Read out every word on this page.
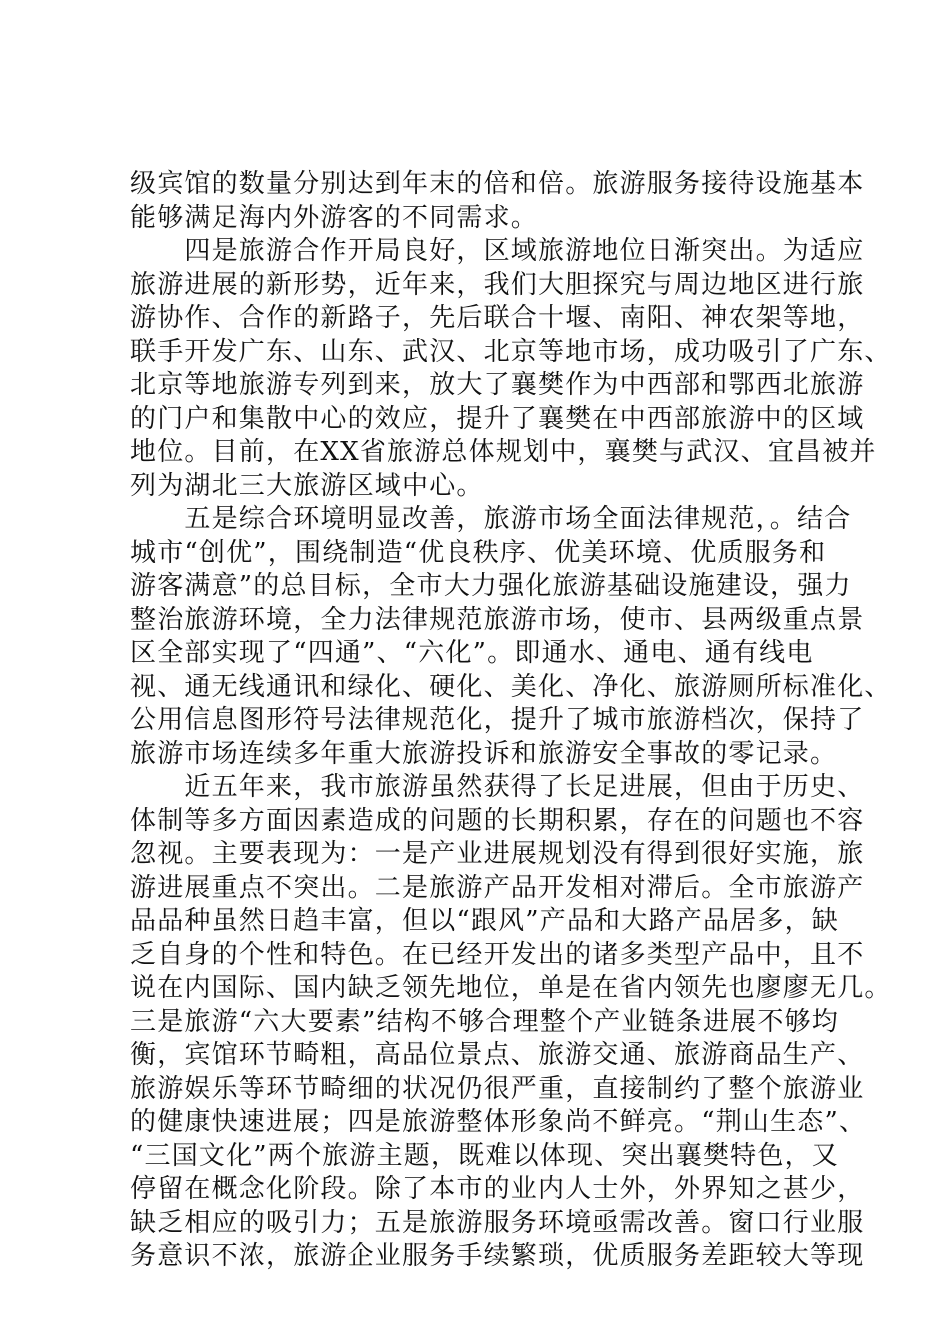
级宾馆的数量分别达到年末的倍和倍。旅游服务接待设施基本
能够满足海内外游客的不同需求。
　　四是旅游合作开局良好，区域旅游地位日渐突出。为适应
旅游进展的新形势，近年来，我们大胆探究与周边地区进行旅
游协作、合作的新路子，先后联合十堰、南阳、神农架等地，
联手开发广东、山东、武汉、北京等地市场，成功吸引了广东、
北京等地旅游专列到来，放大了襄樊作为中西部和鄂西北旅游
的门户和集散中心的效应，提升了襄樊在中西部旅游中的区域
地位。目前，在XX省旅游总体规划中，襄樊与武汉、宜昌被并
列为湖北三大旅游区域中心。
　　五是综合环境明显改善，旅游市场全面法律规范，。结合
城市“创优”，围绕制造“优良秩序、优美环境、优质服务和
游客满意”的总目标，全市大力强化旅游基础设施建设，强力
整治旅游环境，全力法律规范旅游市场，使市、县两级重点景
区全部实现了“四通”、“六化”。即通水、通电、通有线电
视、通无线通讯和绿化、硬化、美化、净化、旅游厕所标准化、
公用信息图形符号法律规范化，提升了城市旅游档次，保持了
旅游市场连续多年重大旅游投诉和旅游安全事故的零记录。
　　近五年来，我市旅游虽然获得了长足进展，但由于历史、
体制等多方面因素造成的问题的长期积累，存在的问题也不容
忽视。主要表现为：一是产业进展规划没有得到很好实施，旅
游进展重点不突出。二是旅游产品开发相对滞后。全市旅游产
品品种虽然日趋丰富，但以“跟风”产品和大路产品居多，缺
乏自身的个性和特色。在已经开发出的诸多类型产品中，且不
说在内国际、国内缺乏领先地位，单是在省内领先也廖廖无几。
三是旅游“六大要素”结构不够合理整个产业链条进展不够均
衡，宾馆环节畸粗，高品位景点、旅游交通、旅游商品生产、
旅游娱乐等环节畸细的状况仍很严重，直接制约了整个旅游业
的健康快速进展；四是旅游整体形象尚不鲜亮。“荆山生态”、
“三国文化”两个旅游主题，既难以体现、突出襄樊特色，又
停留在概念化阶段。除了本市的业内人士外，外界知之甚少，
缺乏相应的吸引力；五是旅游服务环境亟需改善。窗口行业服
务意识不浓，旅游企业服务手续繁琐，优质服务差距较大等现
